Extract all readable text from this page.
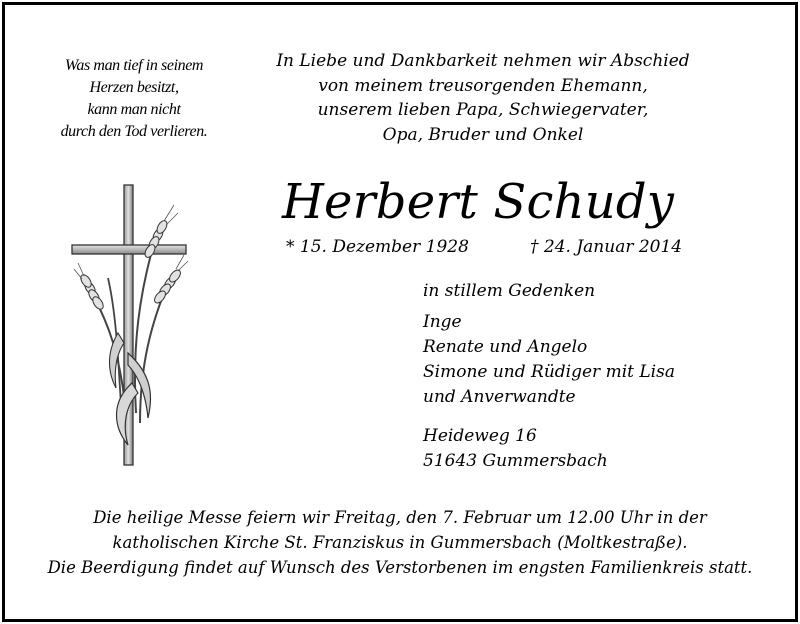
Was man tief in seinem
Herzen besitzt,
kann man nicht
durch den Tod verlieren.
In Liebe und Dankbarkeit nehmen wir Abschied
von meinem treusorgenden Ehemann,
unserem lieben Papa, Schwiegervater,
Opa, Bruder und Onkel
Herbert Schudy
* 15. Dezember 1928	† 24. Januar 2014
in stillem Gedenken
Inge
Renate und Angelo
Simone und Rüdiger mit Lisa
und Anverwandte
Heideweg 16
51643 Gummersbach
Die heilige Messe feiern wir Freitag, den 7. Februar um 12.00 Uhr in der
katholischen Kirche St. Franziskus in Gummersbach (Moltkestraße).
Die Beerdigung findet auf Wunsch des Verstorbenen im engsten Familienkreis statt.
